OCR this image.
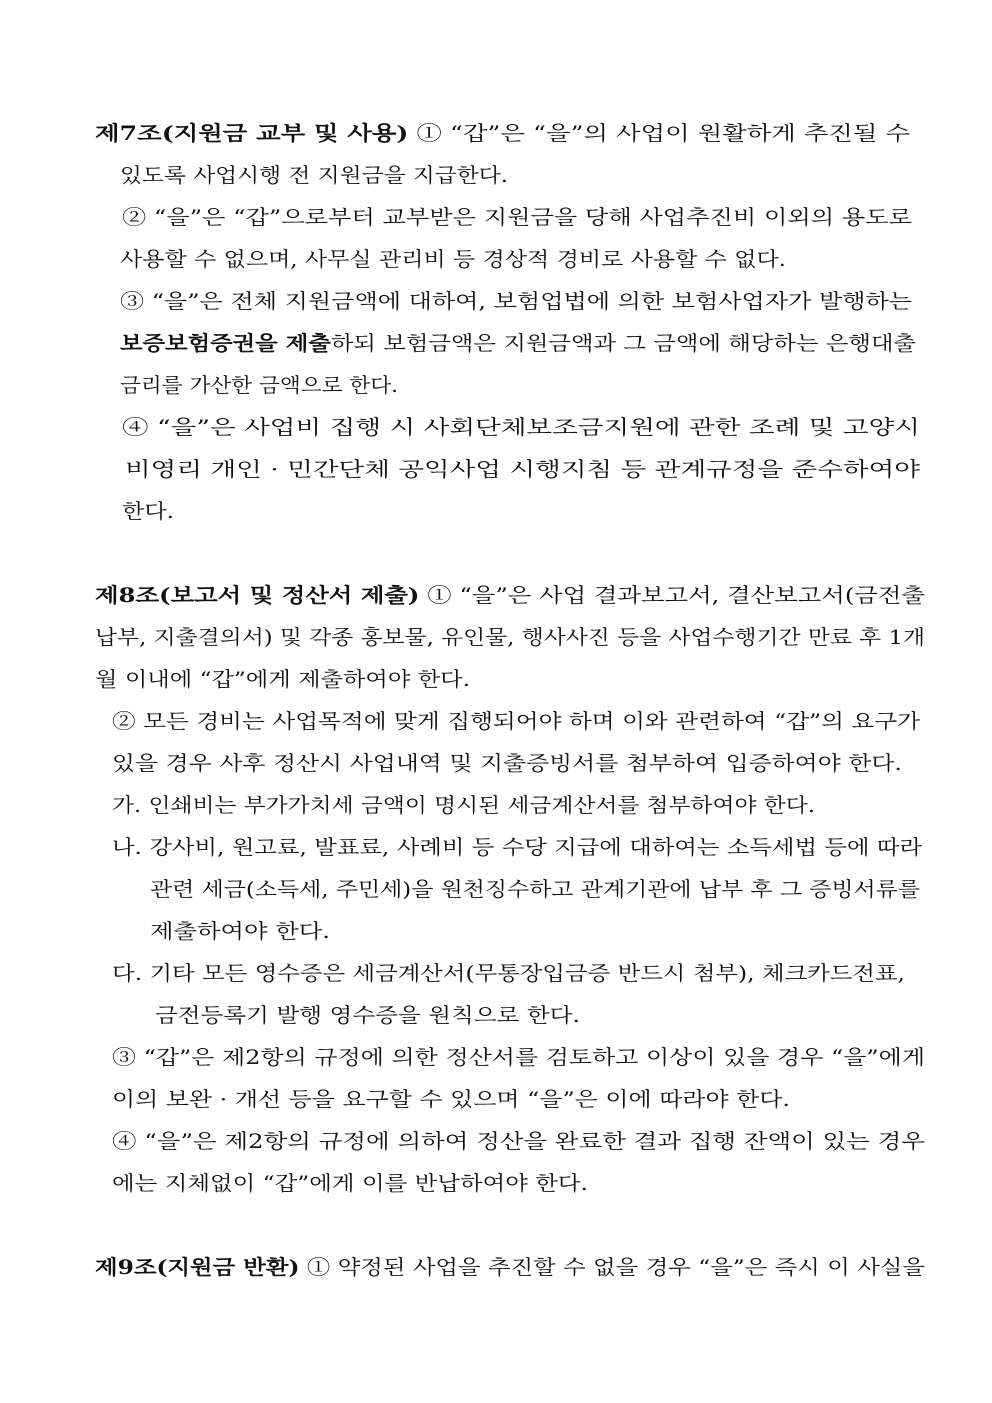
제7조(지원금 교부 및 사용) ① “갑”은 “을”의 사업이 원활하게 추진될 수
있도록 사업시행 전 지원금을 지급한다.
② “을”은 “갑”으로부터 교부받은 지원금을 당해 사업추진비 이외의 용도로
사용할 수 없으며, 사무실 관리비 등 경상적 경비로 사용할 수 없다.
③ “을”은 전체 지원금액에 대하여, 보험업법에 의한 보험사업자가 발행하는
보증보험증권을 제출하되 보험금액은 지원금액과 그 금액에 해당하는 은행대출
금리를 가산한 금액으로 한다.
④ “을”은 사업비 집행 시 사회단체보조금지원에 관한 조례 및 고양시
비영리 개인 · 민간단체 공익사업 시행지침 등 관계규정을 준수하여야
한다.
제8조(보고서 및 정산서 제출) ① “을”은 사업 결과보고서, 결산보고서(금전출
납부, 지출결의서) 및 각종 홍보물, 유인물, 행사사진 등을 사업수행기간 만료 후 1개
월 이내에 “갑”에게 제출하여야 한다.
② 모든 경비는 사업목적에 맞게 집행되어야 하며 이와 관련하여 “갑”의 요구가
있을 경우 사후 정산시 사업내역 및 지출증빙서를 첨부하여 입증하여야 한다.
가. 인쇄비는 부가가치세 금액이 명시된 세금계산서를 첨부하여야 한다.
나. 강사비, 원고료, 발표료, 사례비 등 수당 지급에 대하여는 소득세법 등에 따라
관련 세금(소득세, 주민세)을 원천징수하고 관계기관에 납부 후 그 증빙서류를
제출하여야 한다.
다. 기타 모든 영수증은 세금계산서(무통장입금증 반드시 첨부), 체크카드전표,
금전등록기 발행 영수증을 원칙으로 한다.
③ “갑”은 제2항의 규정에 의한 정산서를 검토하고 이상이 있을 경우 “을”에게
이의 보완 · 개선 등을 요구할 수 있으며 “을”은 이에 따라야 한다.
④ “을”은 제2항의 규정에 의하여 정산을 완료한 결과 집행 잔액이 있는 경우
에는 지체없이 “갑”에게 이를 반납하여야 한다.
제9조(지원금 반환) ① 약정된 사업을 추진할 수 없을 경우 “을”은 즉시 이 사실을
